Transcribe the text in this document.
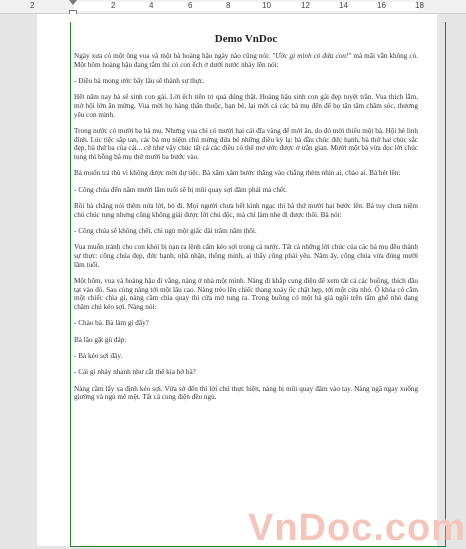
2	2	4	6	8	10	12	14	16	18
Demo VnDoc

Ngày xưa có một ông vua và một bà hoàng hậu ngày nào cũng nói: "Ước gì mình có đứa con!" mà mãi vẫn không có. Một hôm hoàng hậu đang tắm thì có con ếch ở dưới nước nhảy lên nói:

- Điều bà mong ước bấy lâu sẽ thành sự thực.

Hết năm nay bà sẽ sinh con gái. Lời ếch tiên tri quả đúng thật. Hoàng hậu sinh con gái đẹp tuyệt trần. Vua thích lắm, mở hội lớn ăn mừng. Vua mời họ hàng thân thuộc, bạn bè, lại mời cả các bà mụ đến để họ tận tâm chăm sóc, thương yêu con mình.

Trong nước có mười ba bà mụ. Nhưng vua chỉ có mười hai cái đĩa vàng để mời ăn, do đó mời thiếu một bà. Hội hè linh đình. Lúc tiệc sắp tan, các bà mụ niệm chú mừng đứa bé những điều kỳ lạ: bà đầu chúc đức hạnh, bà thứ hai chúc sắc đẹp, bà thứ ba của cải... cứ như vậy chúc tất cả các điều có thể mơ ước được ở trần gian. Mười một bà vừa đọc lời chúc tụng thì bỗng bà mụ thứ mười ba bước vào.

Bà muốn trả thù vì không được mời dự tiệc. Bà xăm xăm bước thẳng vào chẳng thèm nhìn ai, chào ai. Bà hét lên:

- Công chúa đến năm mười lăm tuổi sẽ bị mũi quay sợi đâm phải mà chết.

Rồi bà chẳng nói thêm nửa lời, bỏ đi. Mọi người chưa hết kinh ngạc thì bà thứ mười hai bước lên. Bà tuy chưa niệm chú chúc tụng nhưng cũng không giải được lời chú độc, mà chỉ làm nhẹ đi được thôi. Bà nói:

- Công chúa sẽ không chết, chỉ ngủ một giấc dài trăm năm thôi.

Vua muốn tránh cho con khỏi bị nạn ra lệnh cấm kéo sợi trong cả nước. Tất cả những lời chúc của các bà mụ đều thành sự thực: công chúa đẹp, đức hạnh, nhã nhặn, thông minh, ai thấy cũng phải yêu. Năm ấy, công chúa vừa đúng mười lăm tuổi.

Một hôm, vua và hoàng hậu đi vắng, nàng ở nhà một mình. Nàng đi khắp cung điện để xem tất cả các buồng, thích đâu tạt vào đó. Sau cùng nàng tới một lâu cao. Nàng trèo lên chiếc thang xoáy ốc chật hẹp, tới một cửa nhỏ. Ổ khóa có cắm một chiếc chìa gỉ, nàng cầm chìa quay thì cửa mở tung ra. Trong buồng có một bà già ngồi trên tấm ghế nhỏ đang chăm chú kéo sợi. Nàng nói:

- Chào bà. Bà làm gì đấy?

Bà lão gật gù đáp:

- Bà kéo sợi đây.

- Cái gì nhảy nhanh như cắt thế kia hở bà?

Nàng cầm lấy xa định kéo sợi. Vừa sờ đến thì lời chú thực hiện, nàng bị mũi quay đâm vào tay. Nàng ngã ngay xuống giường và ngủ mê mệt. Tất cả cung điện đều ngủ.

VnDoc.com
